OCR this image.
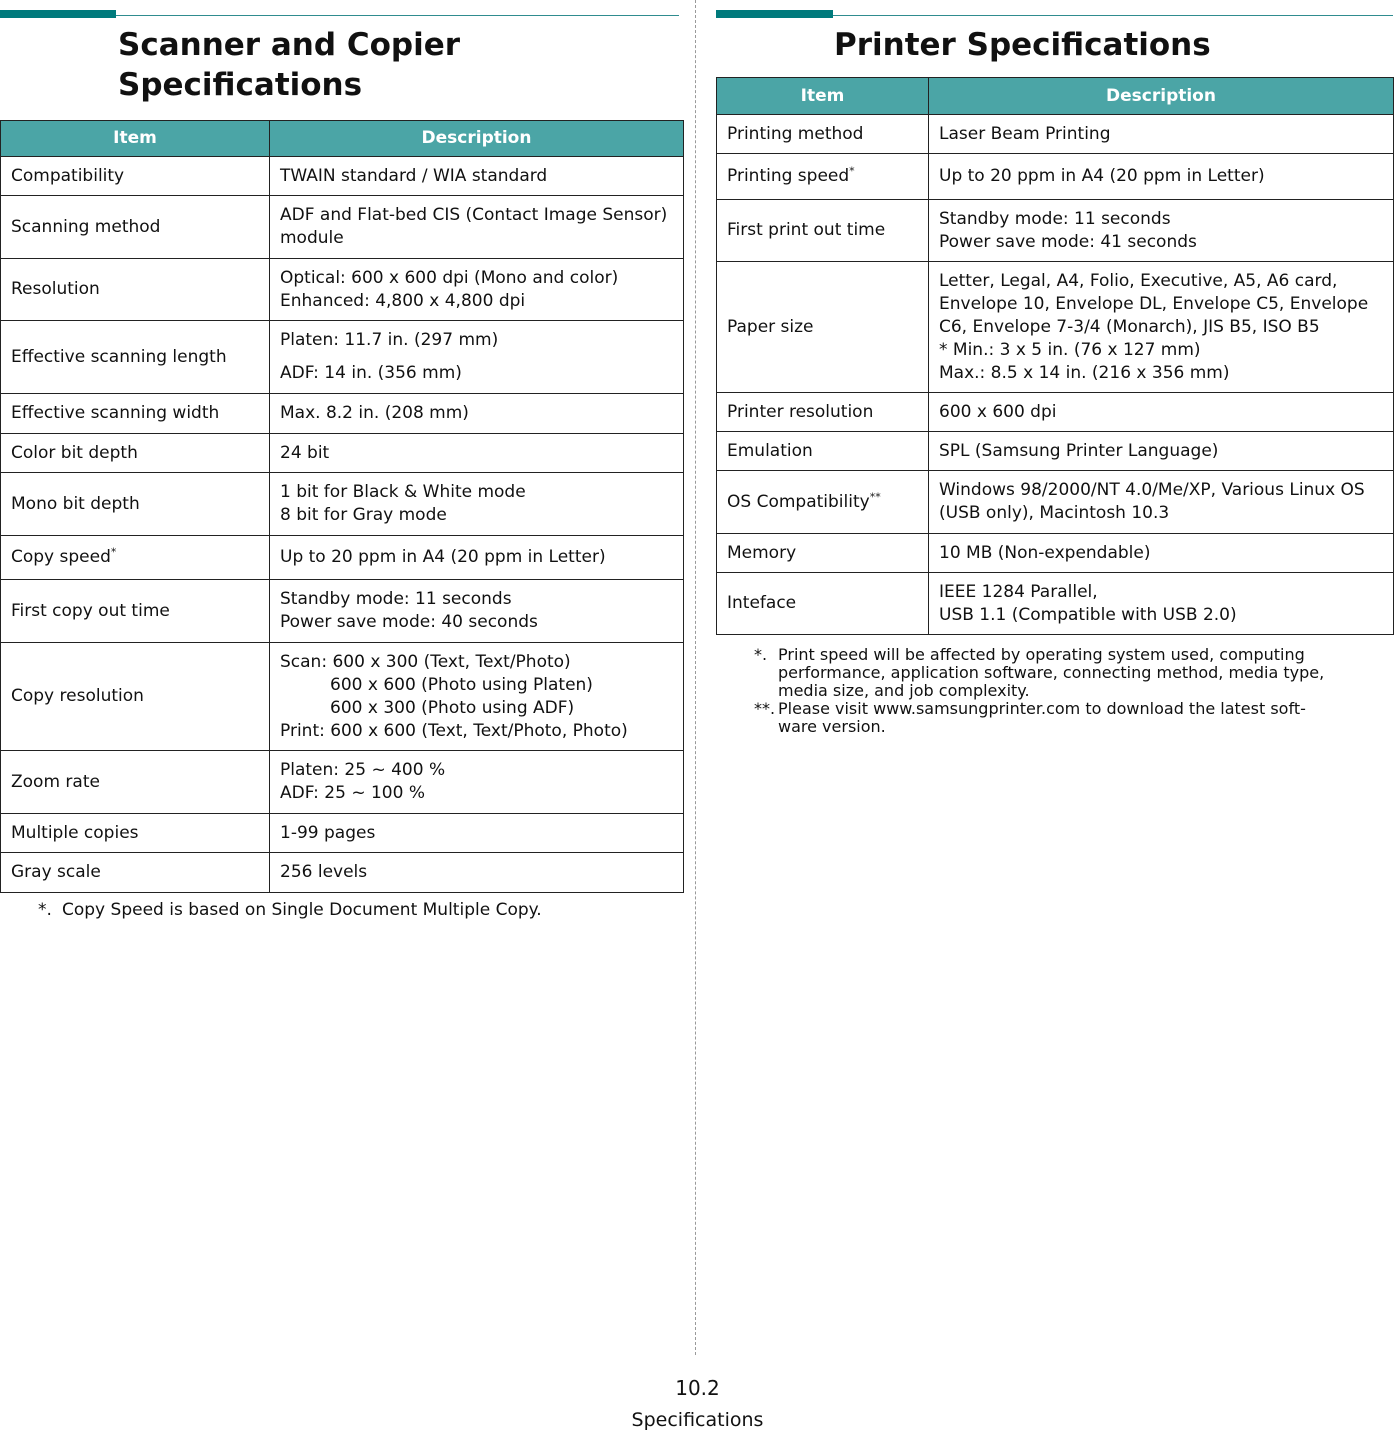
Scanner and Copier
Specifications
Item	Description
Compatibility	TWAIN standard / WIA standard

Scanning method	ADF and Flat-bed CIS (Contact Image Sensor)
module

Resolution	Optical: 600 x 600 dpi (Mono and color)
Enhanced: 4,800 x 4,800 dpi

Effective scanning length	Platen: 11.7 in. (297 mm)
ADF: 14 in. (356 mm)

Effective scanning width	Max. 8.2 in. (208 mm)

Color bit depth	24 bit

Mono bit depth	1 bit for Black & White mode
8 bit for Gray mode

Copy speed*	Up to 20 ppm in A4 (20 ppm in Letter)

First copy out time	Standby mode: 11 seconds
Power save mode: 40 seconds

Copy resolution	Scan: 600 x 300 (Text, Text/Photo)
600 x 600 (Photo using Platen)
600 x 300 (Photo using ADF)
Print: 600 x 600 (Text, Text/Photo, Photo)

Zoom rate	Platen: 25 ~ 400 %
ADF: 25 ~ 100 %

Multiple copies	1-99 pages

Gray scale	256 levels
*. Copy Speed is based on Single Document Multiple Copy.
Printer Specifications
Item	Description
Printing method	Laser Beam Printing

Printing speed*	Up to 20 ppm in A4 (20 ppm in Letter)

First print out time	Standby mode: 11 seconds
Power save mode: 41 seconds

Paper size	Letter, Legal, A4, Folio, Executive, A5, A6 card,
Envelope 10, Envelope DL, Envelope C5, Envelope
C6, Envelope 7-3/4 (Monarch), JIS B5, ISO B5
* Min.: 3 x 5 in. (76 x 127 mm)
Max.: 8.5 x 14 in. (216 x 356 mm)

Printer resolution	600 x 600 dpi

Emulation	SPL (Samsung Printer Language)

OS Compatibility**	Windows 98/2000/NT 4.0/Me/XP, Various Linux OS
(USB only), Macintosh 10.3

Memory	10 MB (Non-expendable)

Inteface	IEEE 1284 Parallel,
USB 1.1 (Compatible with USB 2.0)
*. Print speed will be affected by operating system used, computing
performance, application software, connecting method, media type,
media size, and job complexity.
**. Please visit www.samsungprinter.com to download the latest soft-
ware version.
10.2
Specifications
